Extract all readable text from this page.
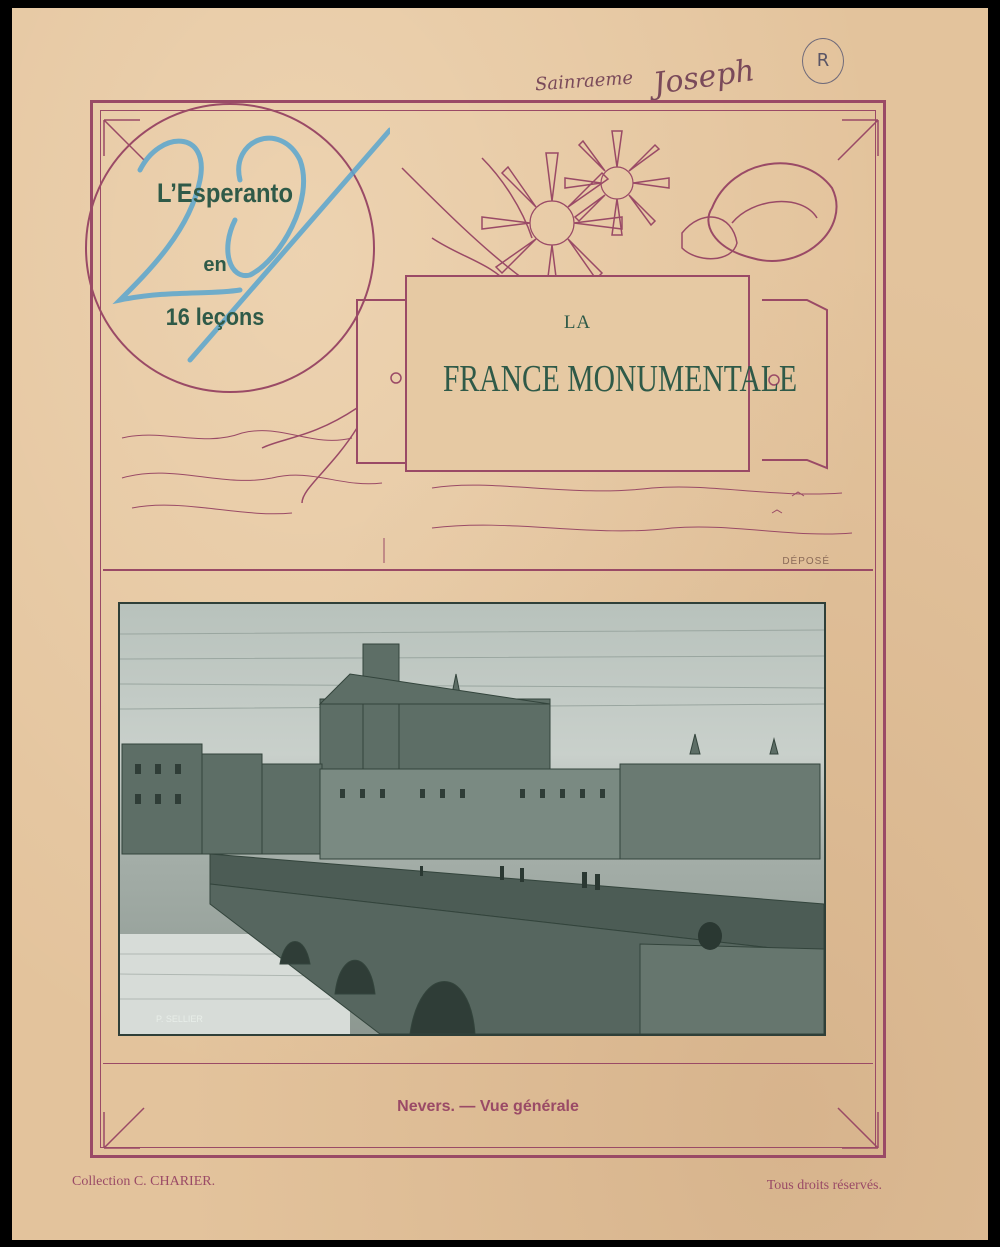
Sainraeme Joseph	R
L’Esperanto
en
16 leçons	LA
FRANCE MONUMENTALE
DÉPOSÉ
P. SELLIER
Nevers. — Vue générale
Collection C. CHARIER.	Tous droits réservés.
